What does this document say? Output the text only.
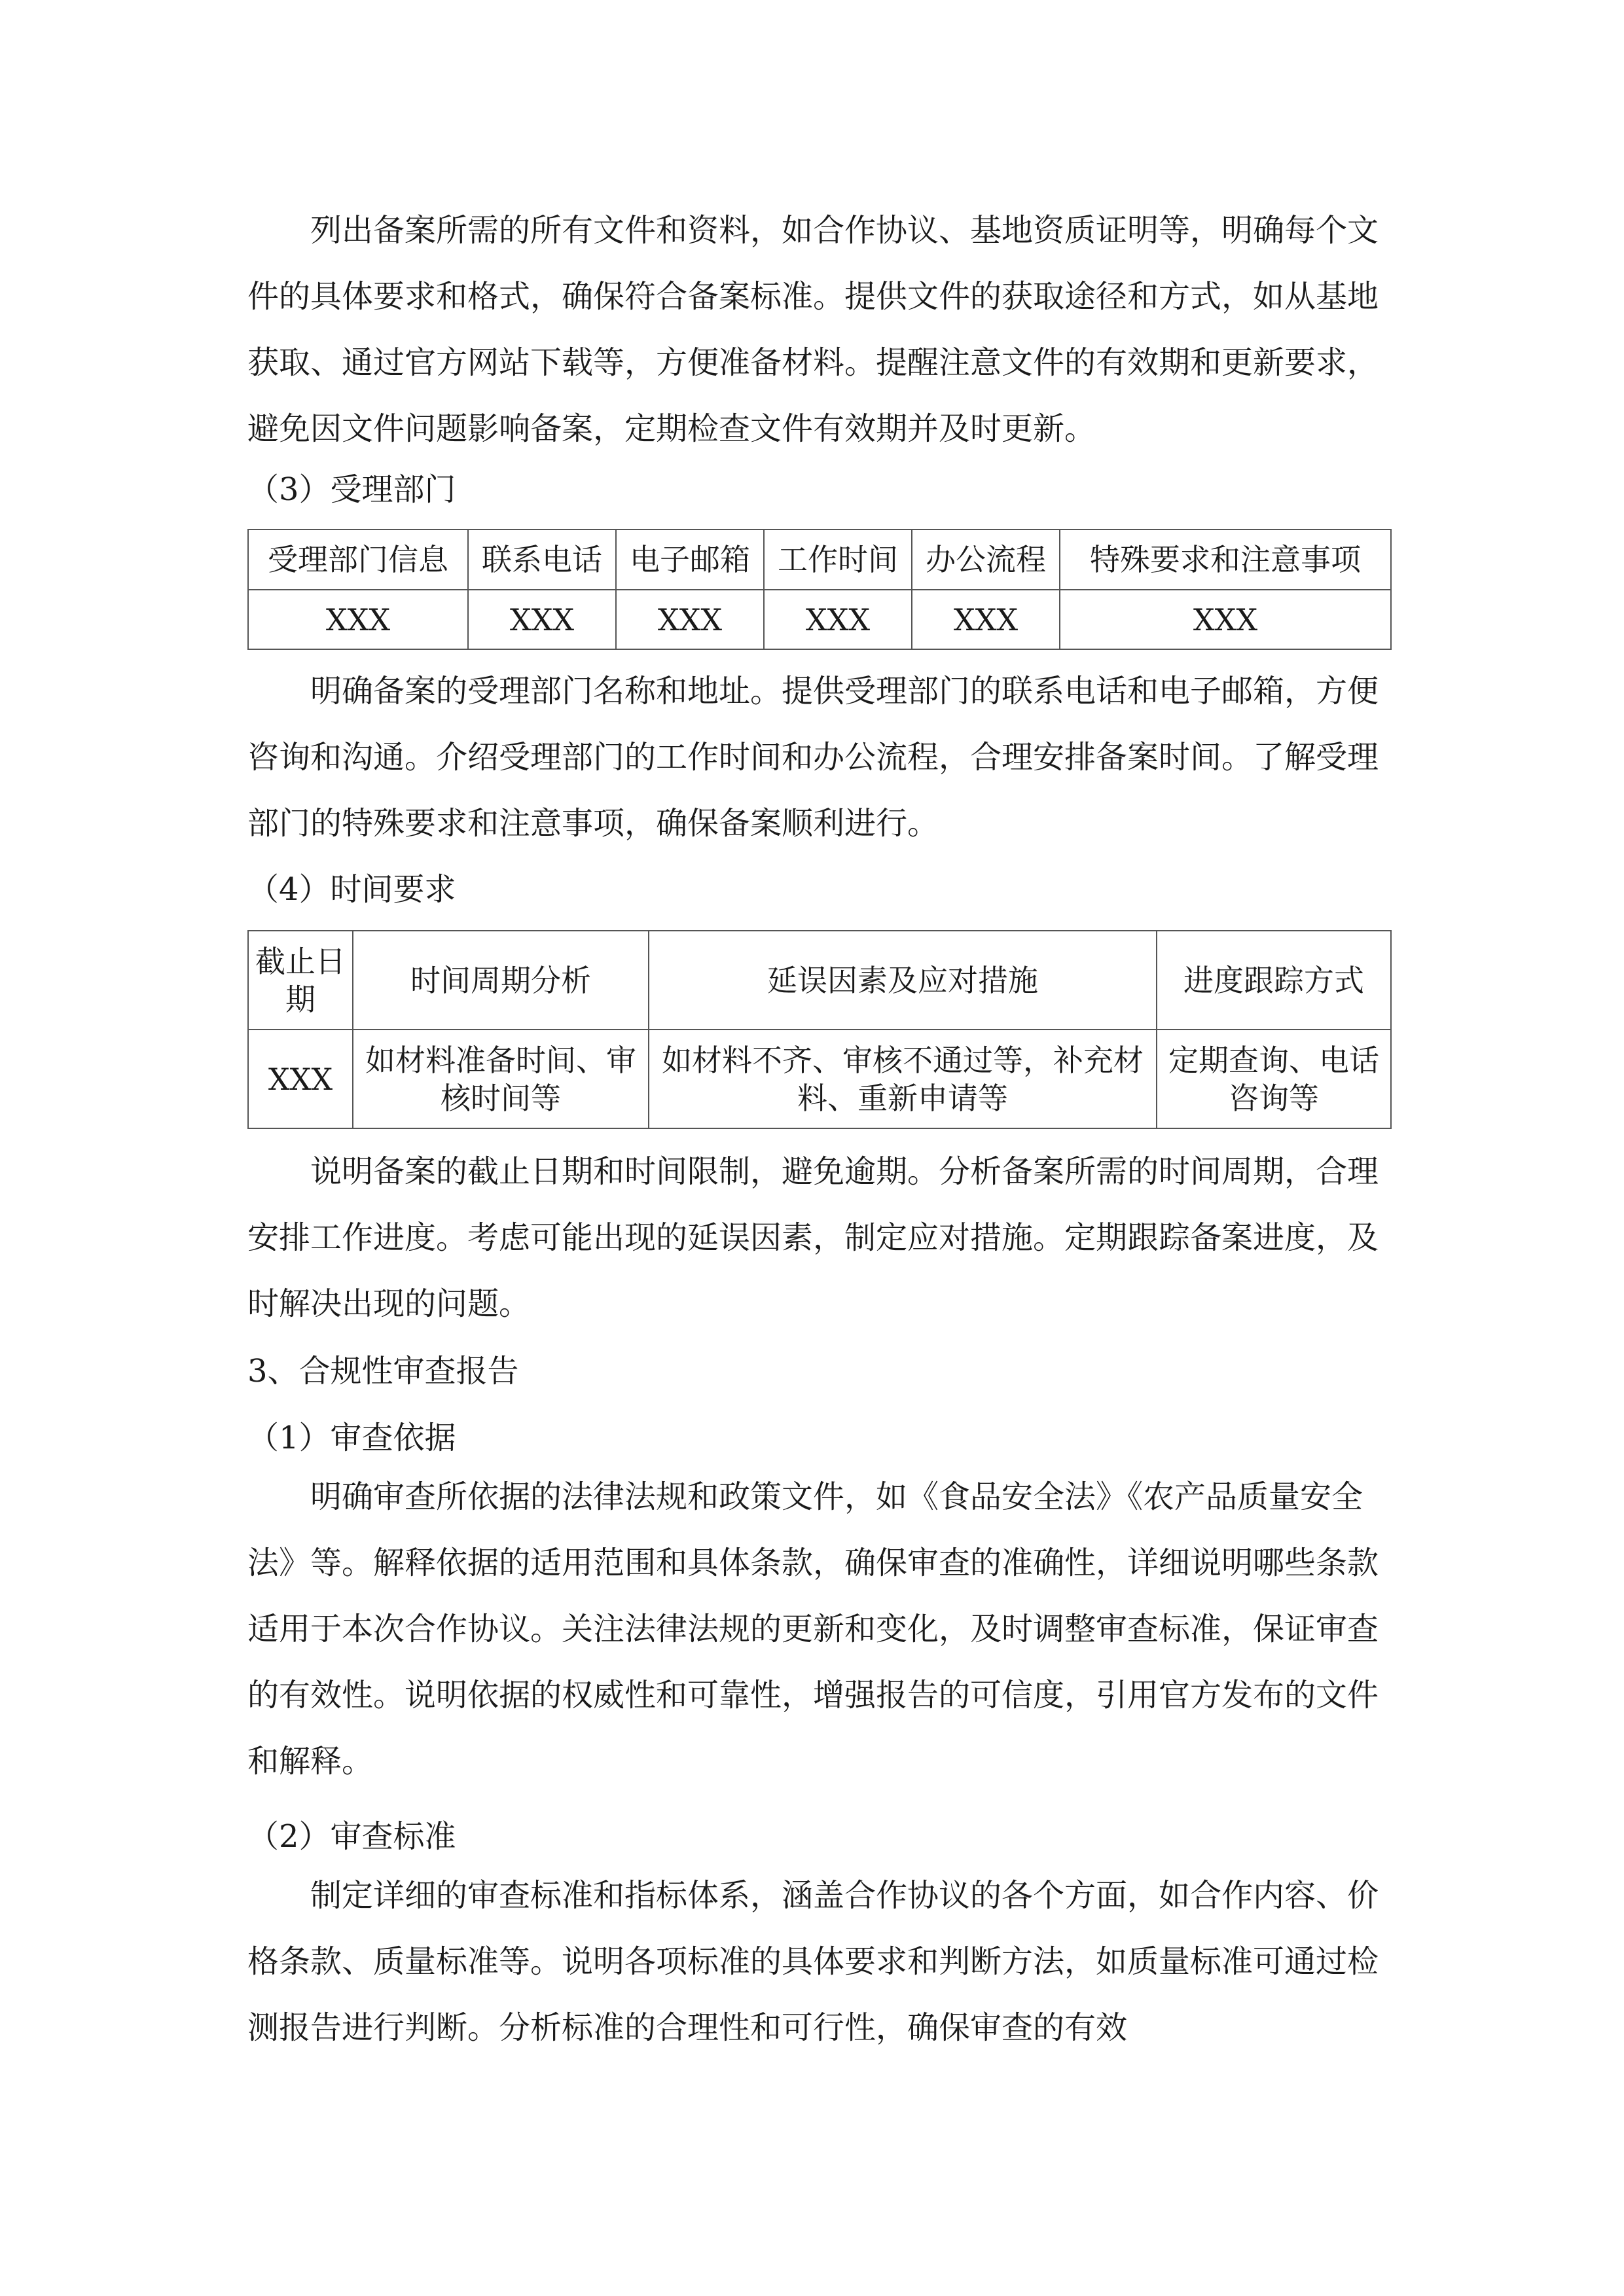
列出备案所需的所有文件和资料，如合作协议、基地资质证明等，明确每个文件的具体要求和格式，确保符合备案标准。提供文件的获取途径和方式，如从基地获取、通过官方网站下载等，方便准备材料。提醒注意文件的有效期和更新要求，避免因文件问题影响备案，定期检查文件有效期并及时更新。

（3）受理部门

受理部门信息	联系电话	电子邮箱	工作时间	办公流程	特殊要求和注意事项
XXX	XXX	XXX	XXX	XXX	XXX

明确备案的受理部门名称和地址。提供受理部门的联系电话和电子邮箱，方便咨询和沟通。介绍受理部门的工作时间和办公流程，合理安排备案时间。了解受理部门的特殊要求和注意事项，确保备案顺利进行。

（4）时间要求

截止日期	时间周期分析	延误因素及应对措施	进度跟踪方式
XXX	如材料准备时间、审核时间等	如材料不齐、审核不通过等，补充材料、重新申请等	定期查询、电话咨询等

说明备案的截止日期和时间限制，避免逾期。分析备案所需的时间周期，合理安排工作进度。考虑可能出现的延误因素，制定应对措施。定期跟踪备案进度，及时解决出现的问题。

3、合规性审查报告

（1）审查依据

明确审查所依据的法律法规和政策文件，如《食品安全法》《农产品质量安全法》等。解释依据的适用范围和具体条款，确保审查的准确性，详细说明哪些条款适用于本次合作协议。关注法律法规的更新和变化，及时调整审查标准，保证审查的有效性。说明依据的权威性和可靠性，增强报告的可信度，引用官方发布的文件和解释。

（2）审查标准

制定详细的审查标准和指标体系，涵盖合作协议的各个方面，如合作内容、价格条款、质量标准等。说明各项标准的具体要求和判断方法，如质量标准可通过检测报告进行判断。分析标准的合理性和可行性，确保审查的有效
